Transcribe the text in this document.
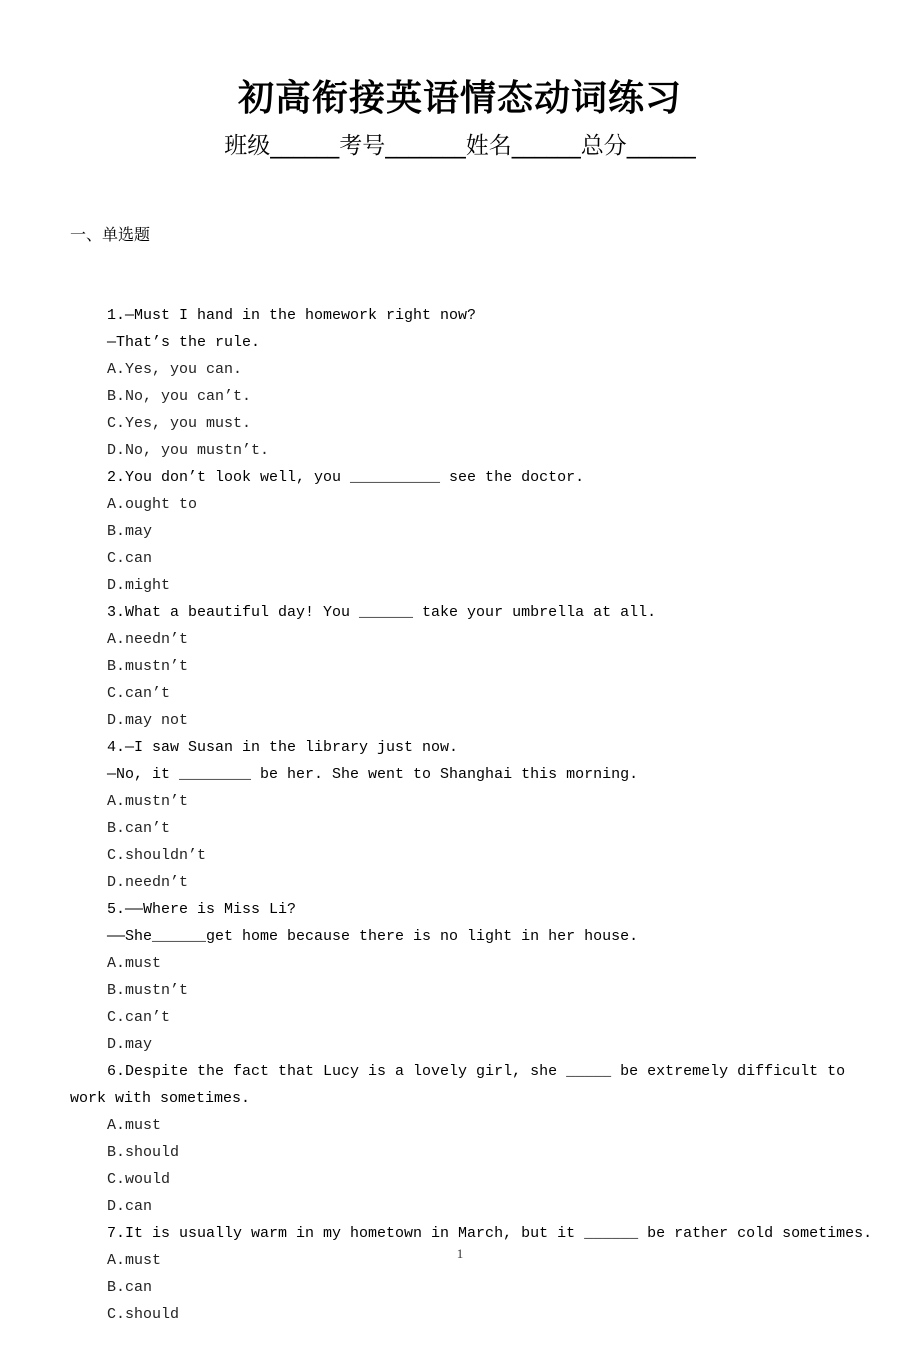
初高衔接英语情态动词练习
班级______考号_______姓名______总分______

一、单选题

1.—Must I hand in the homework right now?
—That’s the rule.
A.Yes, you can.
B.No, you can’t.
C.Yes, you must.
D.No, you mustn’t.
2.You don’t look well, you __________ see the doctor.
A.ought to
B.may
C.can
D.might
3.What a beautiful day! You ______ take your umbrella at all.
A.needn’t
B.mustn’t
C.can’t
D.may not
4.—I saw Susan in the library just now.
—No, it ________ be her. She went to Shanghai this morning.
A.mustn’t
B.can’t
C.shouldn’t
D.needn’t
5.——Where is Miss Li?
——She______get home because there is no light in her house.
A.must
B.mustn’t
C.can’t
D.may
6.Despite the fact that Lucy is a lovely girl, she _____ be extremely difficult to
work with sometimes.
A.must
B.should
C.would
D.can
7.It is usually warm in my hometown in March, but it ______ be rather cold sometimes.
A.must
B.can
C.should

1
